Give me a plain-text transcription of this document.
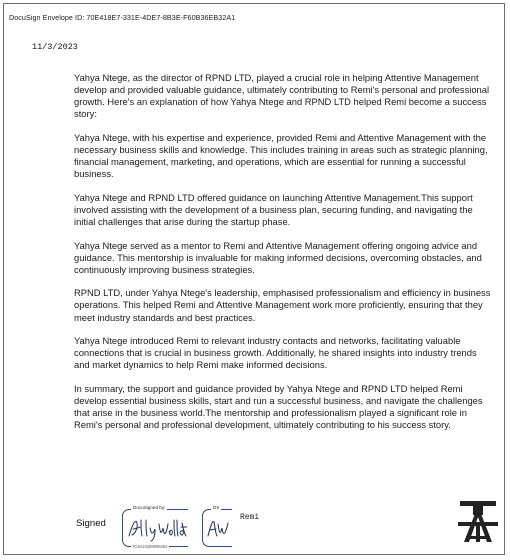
DocuSign Envelope ID: 70E418E7-331E-4DE7-8B3E-F60B36EB32A1
11/3/2023

Yahya Ntege, as the director of RPND LTD, played a crucial role in helping Attentive Management develop and provided valuable guidance, ultimately contributing to Remi's personal and professional growth. Here's an explanation of how Yahya Ntege and RPND LTD helped Remi become a success story:

Yahya Ntege, with his expertise and experience, provided Remi and Attentive Management with the necessary business skills and knowledge. This includes training in areas such as strategic planning, financial management, marketing, and operations, which are essential for running a successful business.

Yahya Ntege and RPND LTD offered guidance on launching Attentive Management.This support involved assisting with the development of a business plan, securing funding, and navigating the initial challenges that arise during the startup phase.

Yahya Ntege served as a mentor to Remi and Attentive Management offering ongoing advice and guidance. This mentorship is invaluable for making informed decisions, overcoming obstacles, and continuously improving business strategies.

RPND LTD, under Yahya Ntege's leadership, emphasised professionalism and efficiency in business operations. This helped Remi and Attentive Management work more proficiently, ensuring that they meet industry standards and best practices.

Yahya Ntege introduced Remi to relevant industry contacts and networks, facilitating valuable connections that is crucial in business growth. Additionally, he shared insights into industry trends and market dynamics to help Remi make informed decisions.

In summary, the support and guidance provided by Yahya Ntege and RPND LTD helped Remi develop essential business skills, start and run a successful business, and navigate the challenges that arise in the business world.The mentorship and professionalism played a significant role in Remi's personal and professional development, ultimately contributing to his success story.

Signed
DocuSigned by:
7C9413268596452
DS
Remi
